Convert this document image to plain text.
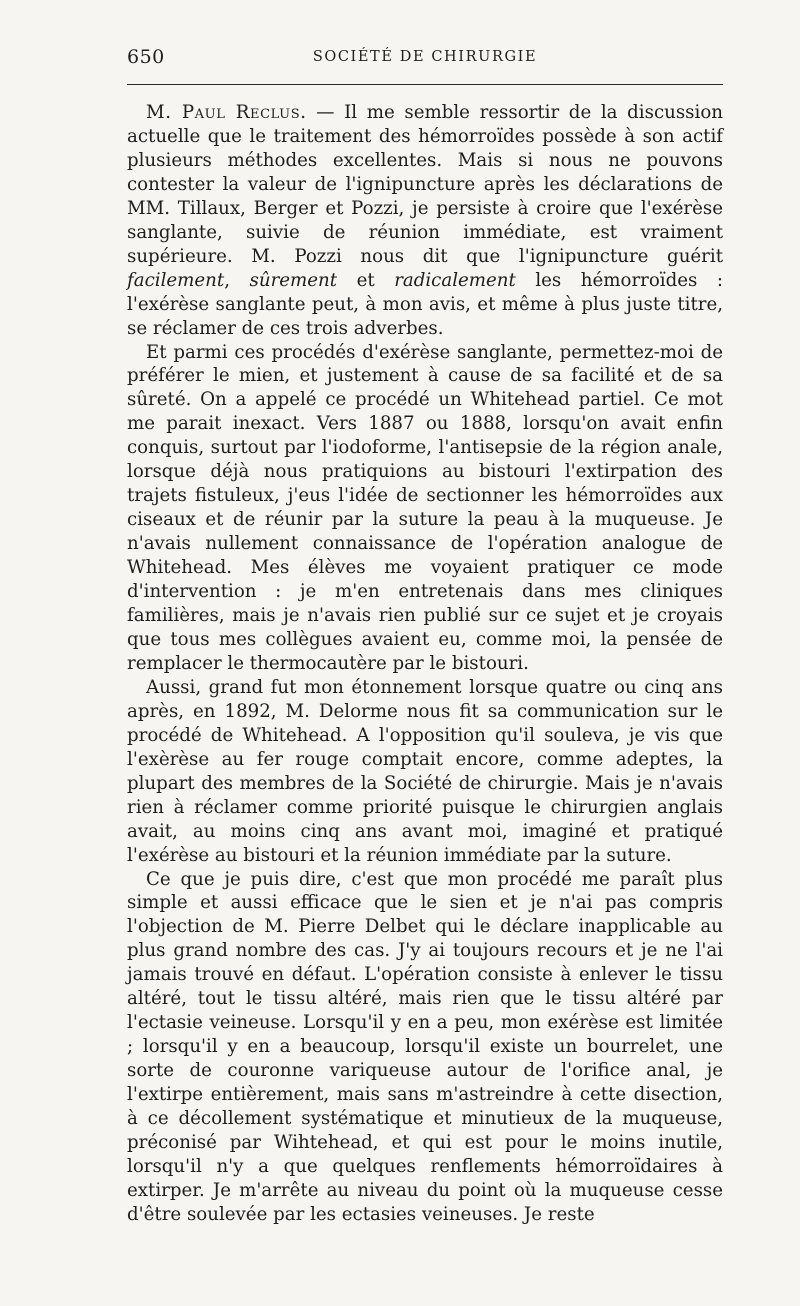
650	SOCIÉTÉ DE CHIRURGIE

M. Paul Reclus. — Il me semble ressortir de la discussion actuelle que le traitement des hémorroïdes possède à son actif plusieurs méthodes excellentes. Mais si nous ne pouvons contester la valeur de l'ignipuncture après les déclarations de MM. Tillaux, Berger et Pozzi, je persiste à croire que l'exérèse sanglante, suivie de réunion immédiate, est vraiment supérieure. M. Pozzi nous dit que l'ignipuncture guérit facilement, sûrement et radicalement les hémorroïdes : l'exérèse sanglante peut, à mon avis, et même à plus juste titre, se réclamer de ces trois adverbes.

Et parmi ces procédés d'exérèse sanglante, permettez-moi de préférer le mien, et justement à cause de sa facilité et de sa sûreté. On a appelé ce procédé un Whitehead partiel. Ce mot me parait inexact. Vers 1887 ou 1888, lorsqu'on avait enfin conquis, surtout par l'iodoforme, l'antisepsie de la région anale, lorsque déjà nous pratiquions au bistouri l'extirpation des trajets fistuleux, j'eus l'idée de sectionner les hémorroïdes aux ciseaux et de réunir par la suture la peau à la muqueuse. Je n'avais nullement connaissance de l'opération analogue de Whitehead. Mes élèves me voyaient pratiquer ce mode d'intervention : je m'en entretenais dans mes cliniques familières, mais je n'avais rien publié sur ce sujet et je croyais que tous mes collègues avaient eu, comme moi, la pensée de remplacer le thermocautère par le bistouri.

Aussi, grand fut mon étonnement lorsque quatre ou cinq ans après, en 1892, M. Delorme nous fit sa communication sur le procédé de Whitehead. A l'opposition qu'il souleva, je vis que l'exèrèse au fer rouge comptait encore, comme adeptes, la plupart des membres de la Société de chirurgie. Mais je n'avais rien à réclamer comme priorité puisque le chirurgien anglais avait, au moins cinq ans avant moi, imaginé et pratiqué l'exérèse au bistouri et la réunion immédiate par la suture.

Ce que je puis dire, c'est que mon procédé me paraît plus simple et aussi efficace que le sien et je n'ai pas compris l'objection de M. Pierre Delbet qui le déclare inapplicable au plus grand nombre des cas. J'y ai toujours recours et je ne l'ai jamais trouvé en défaut. L'opération consiste à enlever le tissu altéré, tout le tissu altéré, mais rien que le tissu altéré par l'ectasie veineuse. Lorsqu'il y en a peu, mon exérèse est limitée ; lorsqu'il y en a beaucoup, lorsqu'il existe un bourrelet, une sorte de couronne variqueuse autour de l'orifice anal, je l'extirpe entièrement, mais sans m'astreindre à cette disection, à ce décollement systématique et minutieux de la muqueuse, préconisé par Wihtehead, et qui est pour le moins inutile, lorsqu'il n'y a que quelques renflements hémorroïdaires à extirper. Je m'arrête au niveau du point où la muqueuse cesse d'être soulevée par les ectasies veineuses. Je reste
